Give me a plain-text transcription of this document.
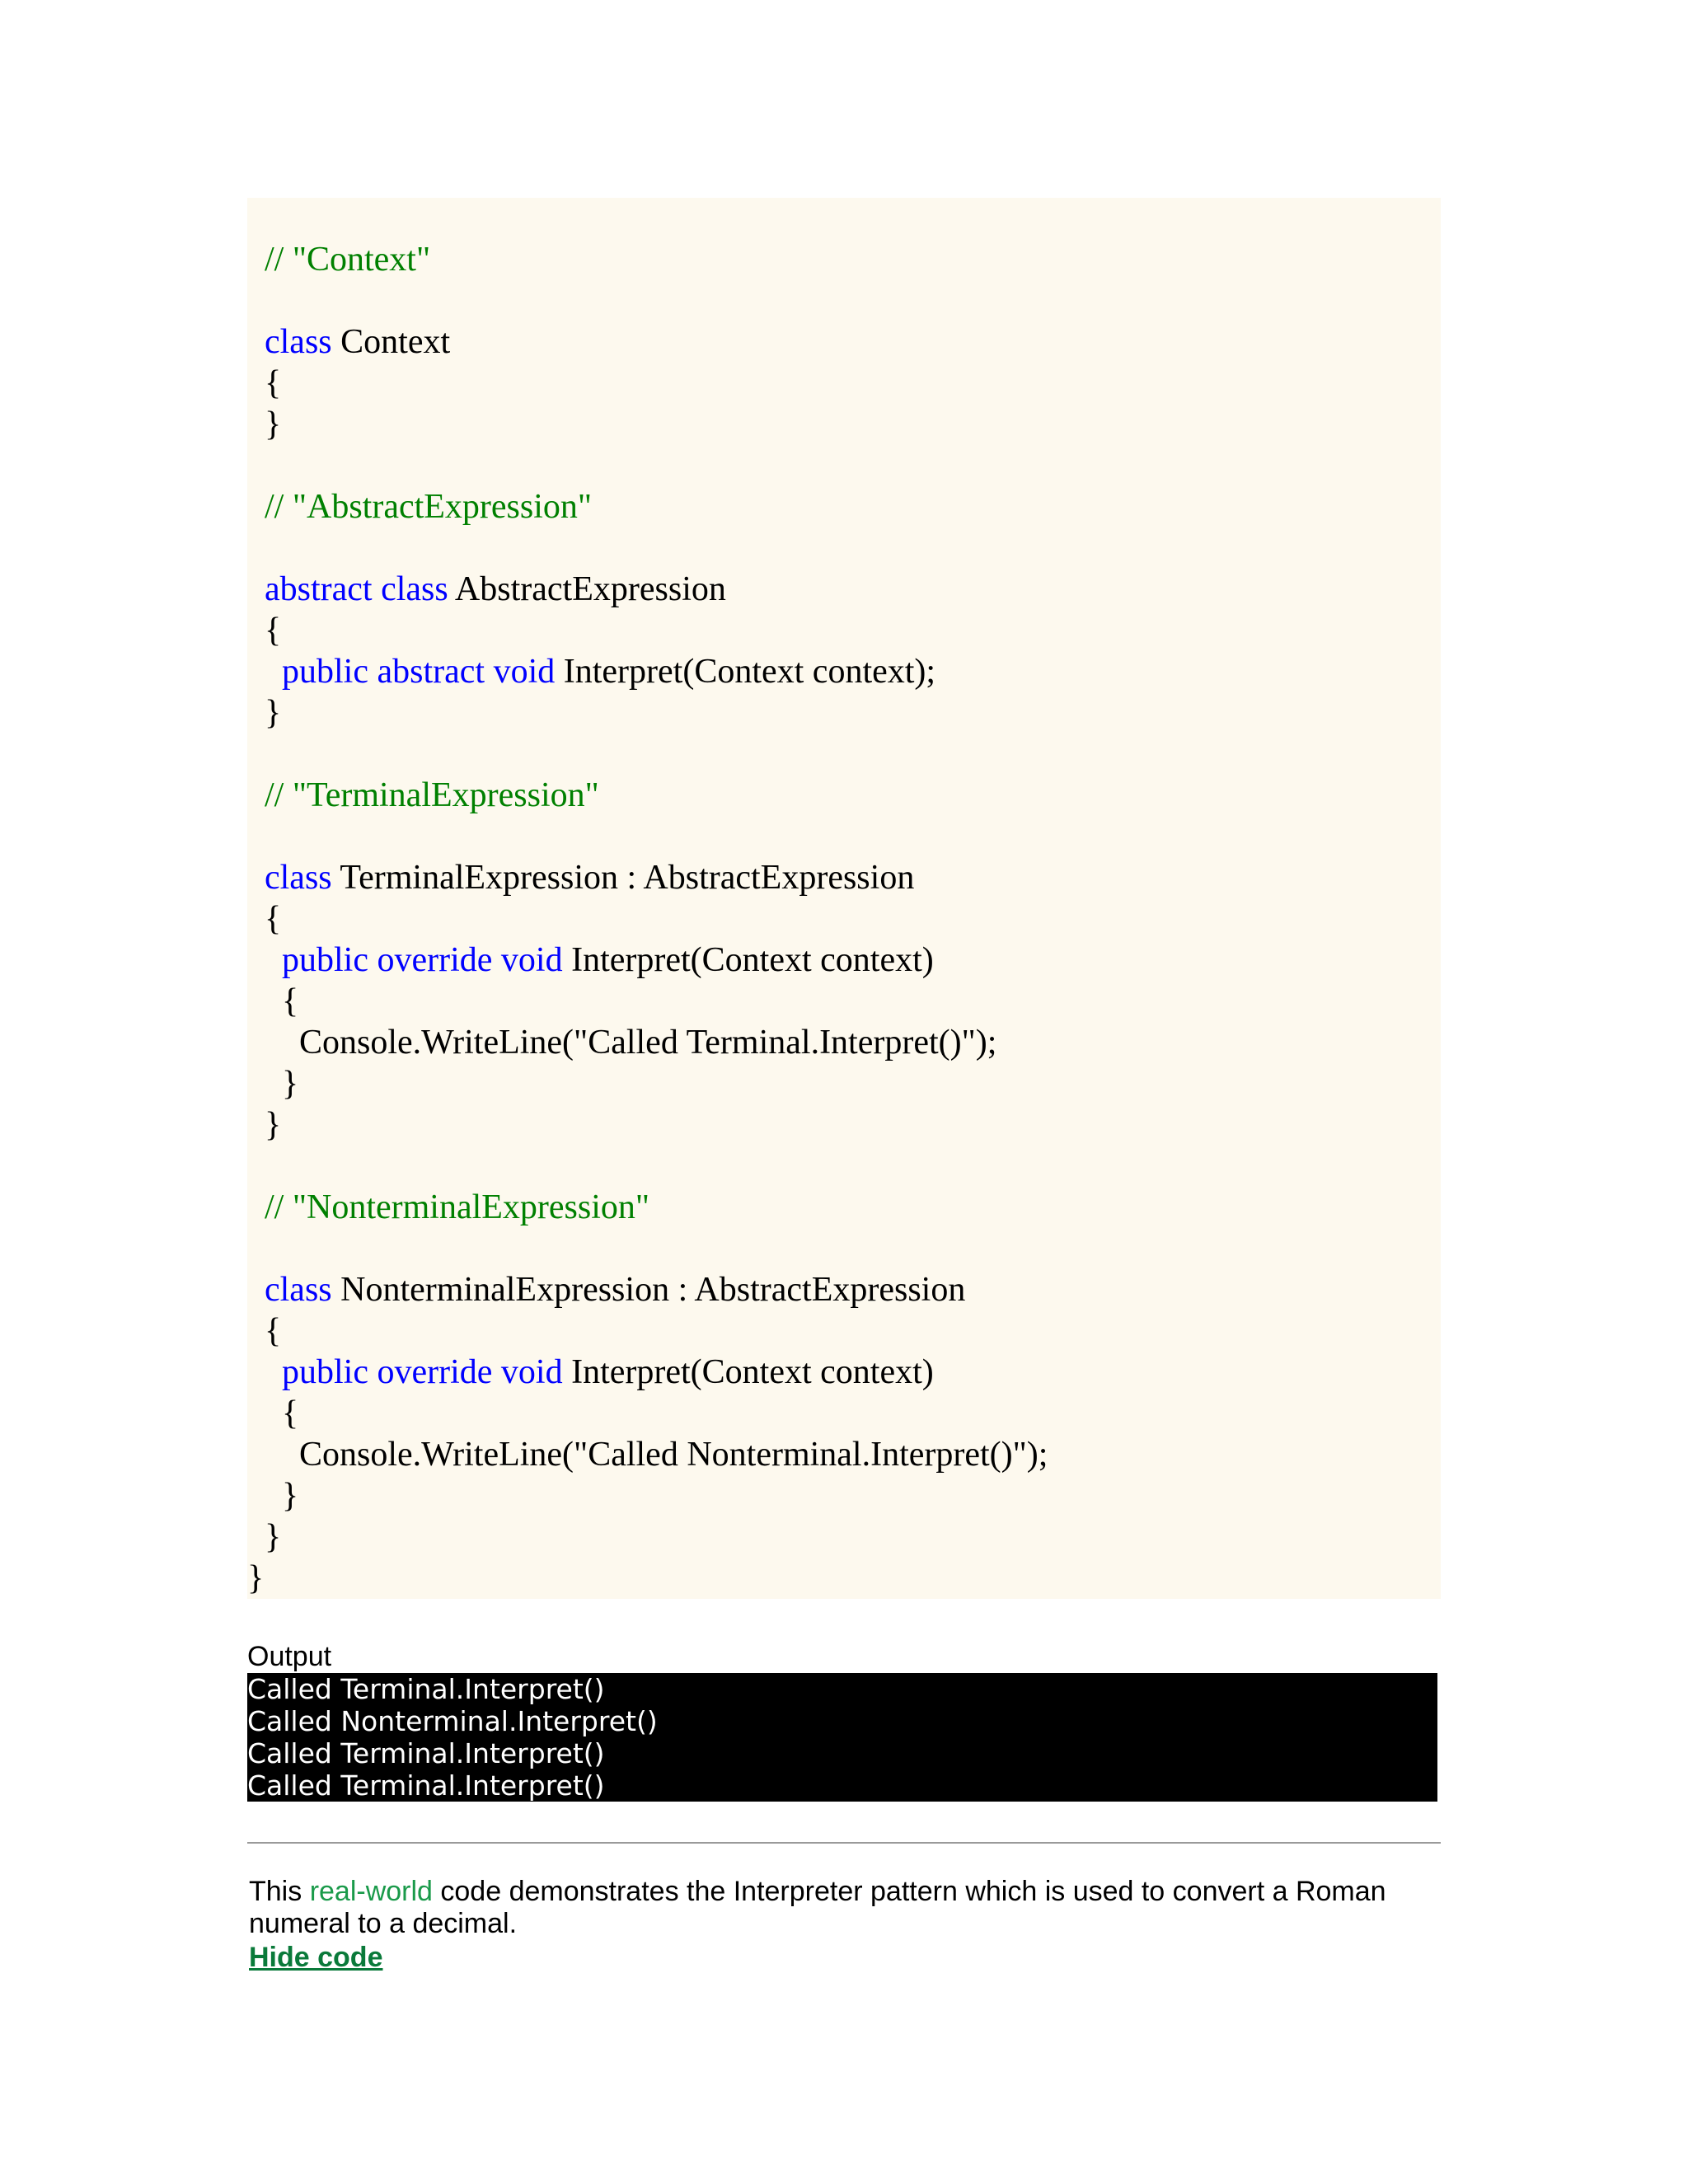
// "Context"
class Context
{
}
// "AbstractExpression"
abstract class AbstractExpression
{
public abstract void Interpret(Context context);
}
// "TerminalExpression"
class TerminalExpression : AbstractExpression
{
public override void Interpret(Context context)
{
Console.WriteLine("Called Terminal.Interpret()");
}
}
// "NonterminalExpression"
class NonterminalExpression : AbstractExpression
{
public override void Interpret(Context context)
{
Console.WriteLine("Called Nonterminal.Interpret()");
}
}
}
Output
Called Terminal.Interpret()
Called Nonterminal.Interpret()
Called Terminal.Interpret()
Called Terminal.Interpret()
This real-world code demonstrates the Interpreter pattern which is used to convert a Roman numeral to a decimal.
Hide code
